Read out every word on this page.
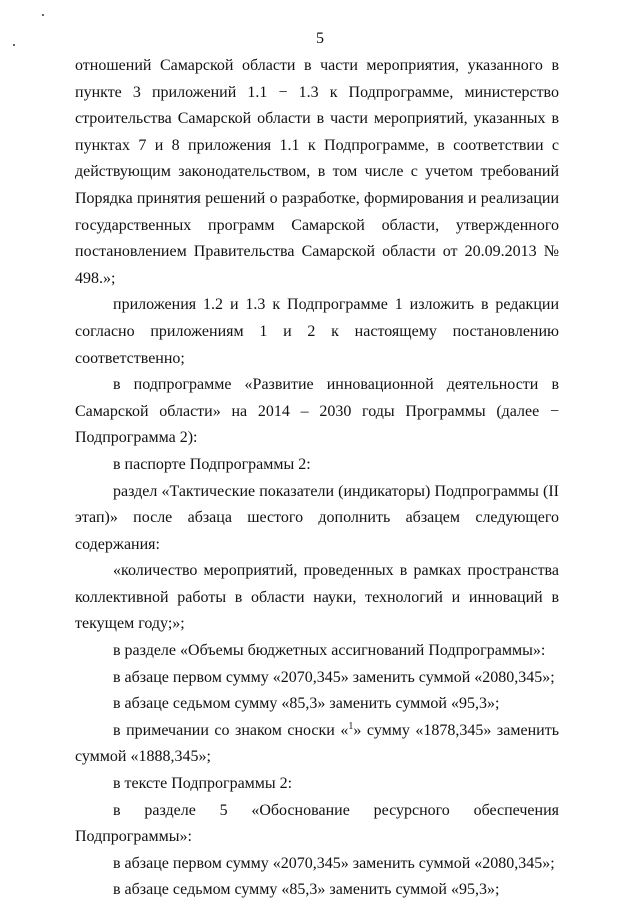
5

отношений Самарской области в части мероприятия, указанного в пункте 3 приложений 1.1 − 1.3 к Подпрограмме, министерство строительства Самарской области в части мероприятий, указанных в пунктах 7 и 8 приложения 1.1 к Подпрограмме, в соответствии с действующим законодательством, в том числе с учетом требований Порядка принятия решений о разработке, формирования и реализации государственных программ Самарской области, утвержденного постановлением Правительства Самарской области от 20.09.2013 № 498.»;

приложения 1.2 и 1.3 к Подпрограмме 1 изложить в редакции согласно приложениям 1 и 2 к настоящему постановлению соответственно;

в подпрограмме «Развитие инновационной деятельности в Самарской области» на 2014 – 2030 годы Программы (далее − Подпрограмма 2):

в паспорте Подпрограммы 2:

раздел «Тактические показатели (индикаторы) Подпрограммы (II этап)» после абзаца шестого дополнить абзацем следующего содержания:

«количество мероприятий, проведенных в рамках пространства коллективной работы в области науки, технологий и инноваций в текущем году;»;

в разделе «Объемы бюджетных ассигнований Подпрограммы»:

в абзаце первом сумму «2070,345» заменить суммой «2080,345»;

в абзаце седьмом сумму «85,3» заменить суммой «95,3»;

в примечании со знаком сноски «$^1$» сумму «1878,345» заменить суммой «1888,345»;

в тексте Подпрограммы 2:

в разделе 5 «Обоснование ресурсного обеспечения Подпрограммы»:

в абзаце первом сумму «2070,345» заменить суммой «2080,345»;

в абзаце седьмом сумму «85,3» заменить суммой «95,3»;
